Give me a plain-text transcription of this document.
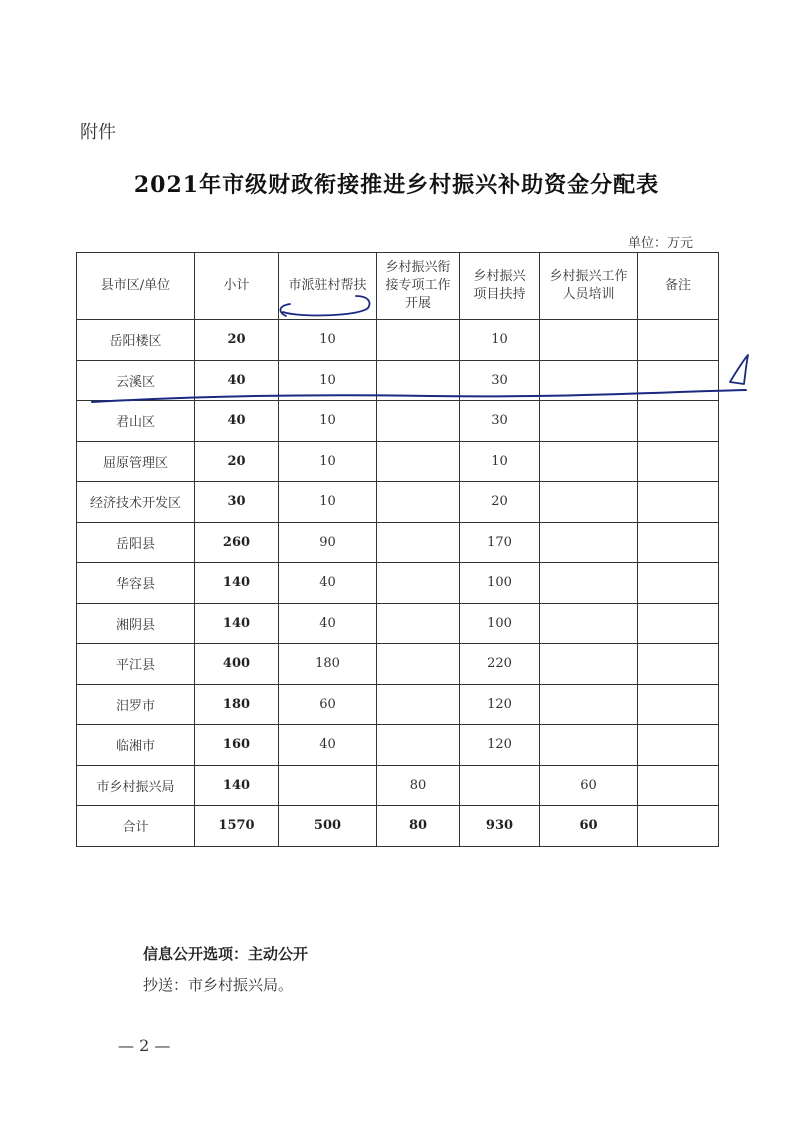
附件
2021年市级财政衔接推进乡村振兴补助资金分配表
单位：万元
县市区/单位	小计	市派驻村帮扶	乡村振兴衔接专项工作开展	乡村振兴项目扶持	乡村振兴工作人员培训	备注
岳阳楼区	20	10		10		
云溪区	40	10		30		
君山区	40	10		30		
屈原管理区	20	10		10		
经济技术开发区	30	10		20		
岳阳县	260	90		170		
华容县	140	40		100		
湘阴县	140	40		100		
平江县	400	180		220		
汨罗市	180	60		120		
临湘市	160	40		120		
市乡村振兴局	140		80		60	
合计	1570	500	80	930	60	
信息公开选项：主动公开
抄送：市乡村振兴局。
— 2 —
